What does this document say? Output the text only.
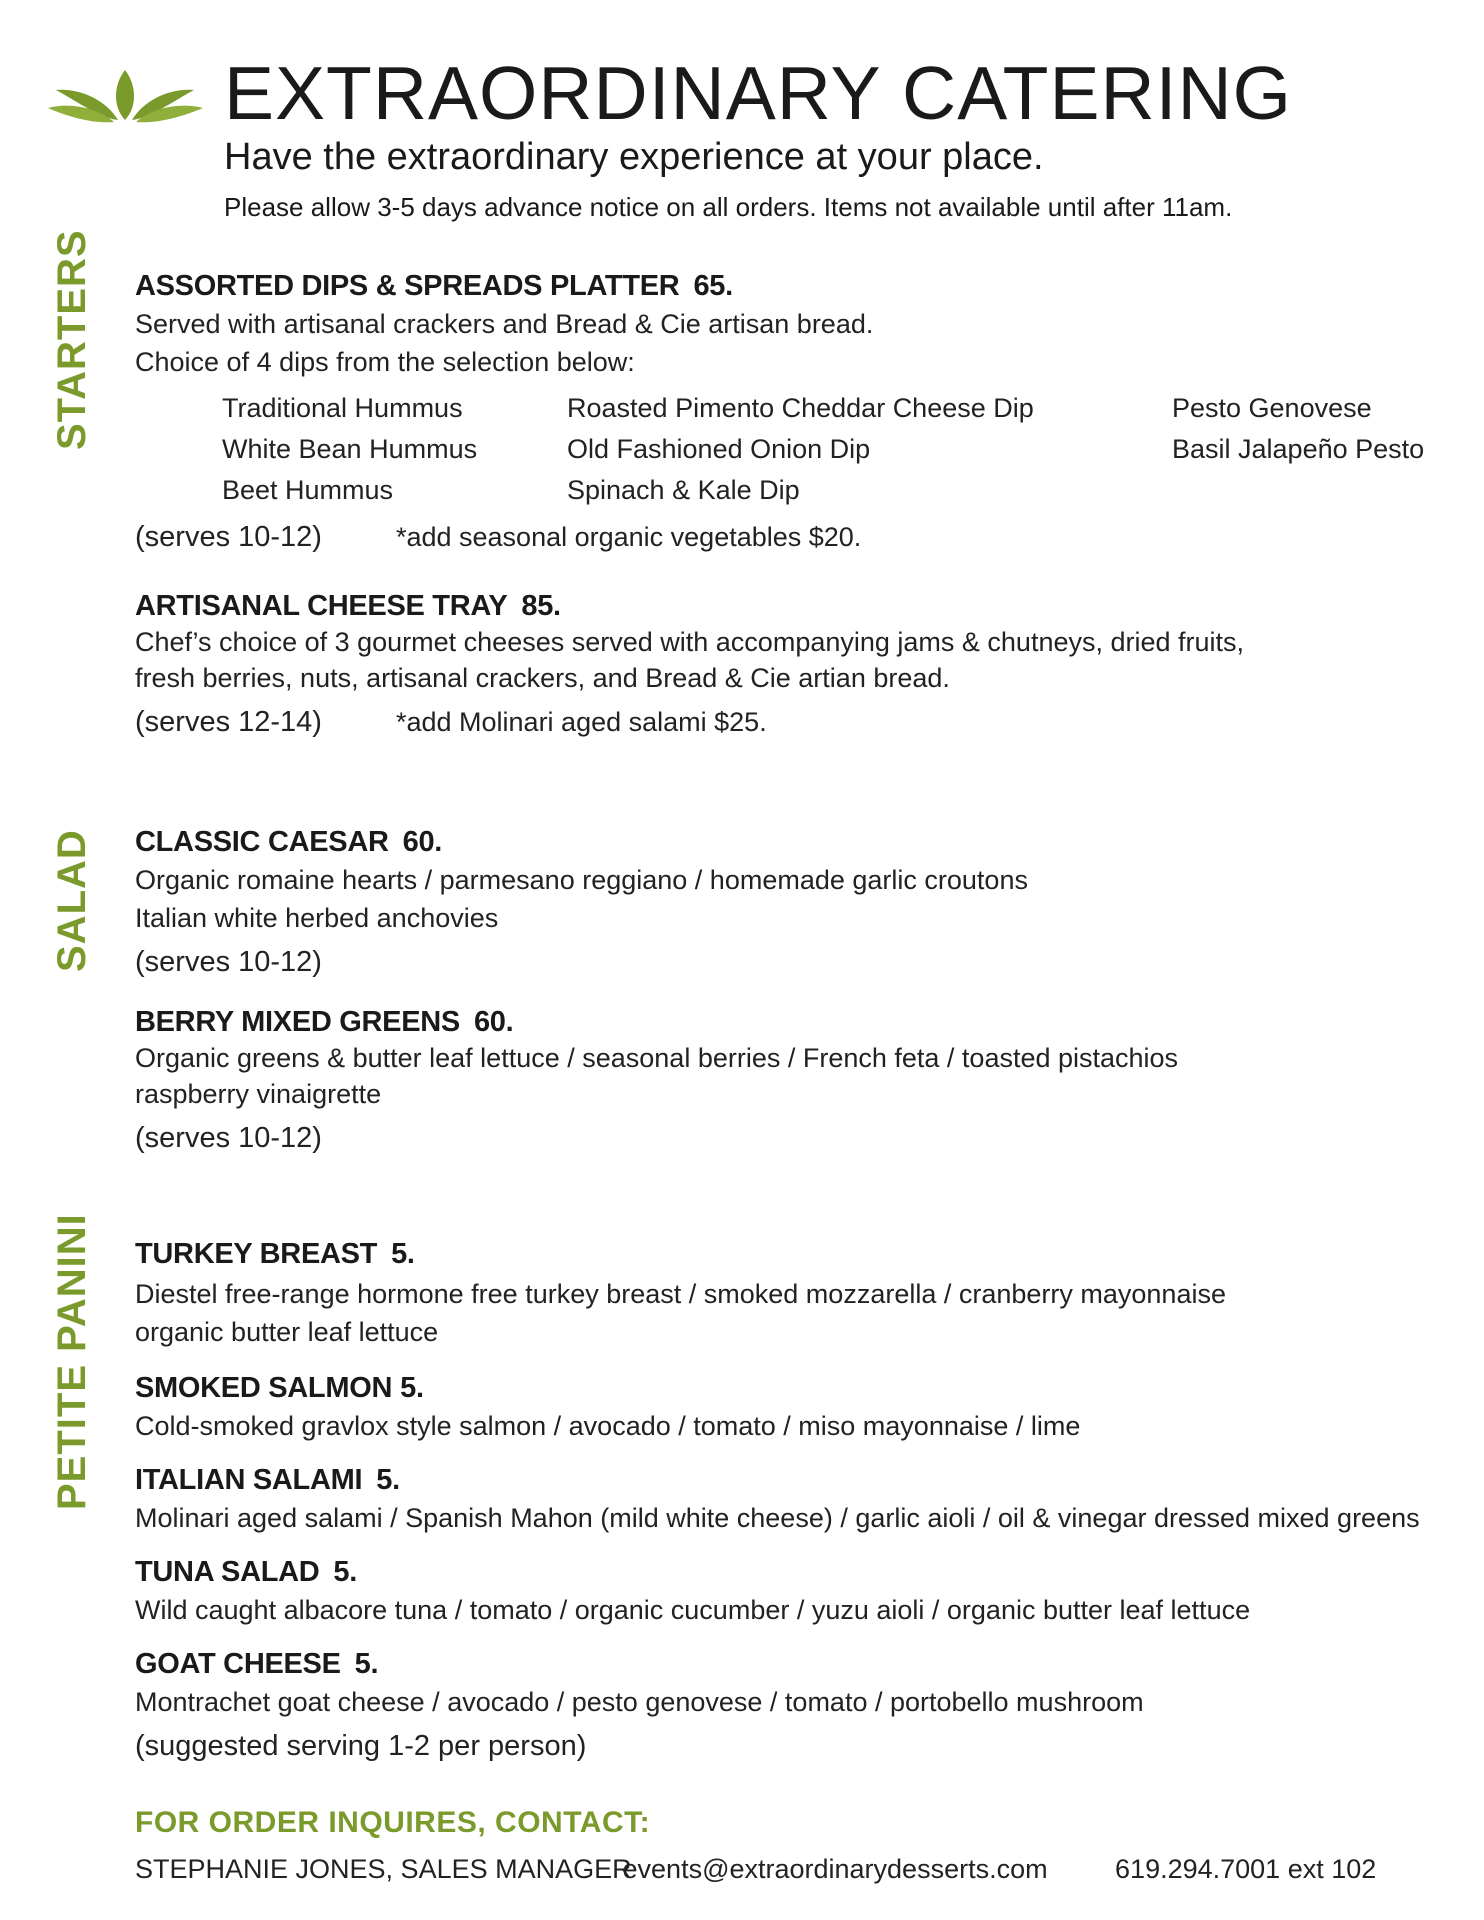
EXTRAORDINARY CATERING
Have the extraordinary experience at your place.
Please allow 3-5 days advance notice on all orders. Items not available until after 11am.
STARTERS
SALAD
PETITE PANINI
ASSORTED DIPS & SPREADS PLATTER 65.
Served with artisanal crackers and Bread & Cie artisan bread.
Choice of 4 dips from the selection below:
Traditional Hummus	Roasted Pimento Cheddar Cheese Dip	Pesto Genovese
White Bean Hummus	Old Fashioned Onion Dip	Basil Jalapeño Pesto
Beet Hummus	Spinach & Kale Dip
(serves 10-12)	*add seasonal organic vegetables $20.
ARTISANAL CHEESE TRAY 85.
Chef’s choice of 3 gourmet cheeses served with accompanying jams & chutneys, dried fruits,
fresh berries, nuts, artisanal crackers, and Bread & Cie artian bread.
(serves 12-14)	*add Molinari aged salami $25.
CLASSIC CAESAR 60.
Organic romaine hearts / parmesano reggiano / homemade garlic croutons
Italian white herbed anchovies
(serves 10-12)
BERRY MIXED GREENS 60.
Organic greens & butter leaf lettuce / seasonal berries / French feta / toasted pistachios
raspberry vinaigrette
(serves 10-12)
TURKEY BREAST 5.
Diestel free-range hormone free turkey breast / smoked mozzarella / cranberry mayonnaise
organic butter leaf lettuce
SMOKED SALMON 5.
Cold-smoked gravlox style salmon / avocado / tomato / miso mayonnaise / lime
ITALIAN SALAMI 5.
Molinari aged salami / Spanish Mahon (mild white cheese) / garlic aioli / oil & vinegar dressed mixed greens
TUNA SALAD 5.
Wild caught albacore tuna / tomato / organic cucumber / yuzu aioli / organic butter leaf lettuce
GOAT CHEESE 5.
Montrachet goat cheese / avocado / pesto genovese / tomato / portobello mushroom
(suggested serving 1-2 per person)
FOR ORDER INQUIRES, CONTACT:
STEPHANIE JONES, SALES MANAGER events@extraordinarydesserts.com 619.294.7001 ext 102
